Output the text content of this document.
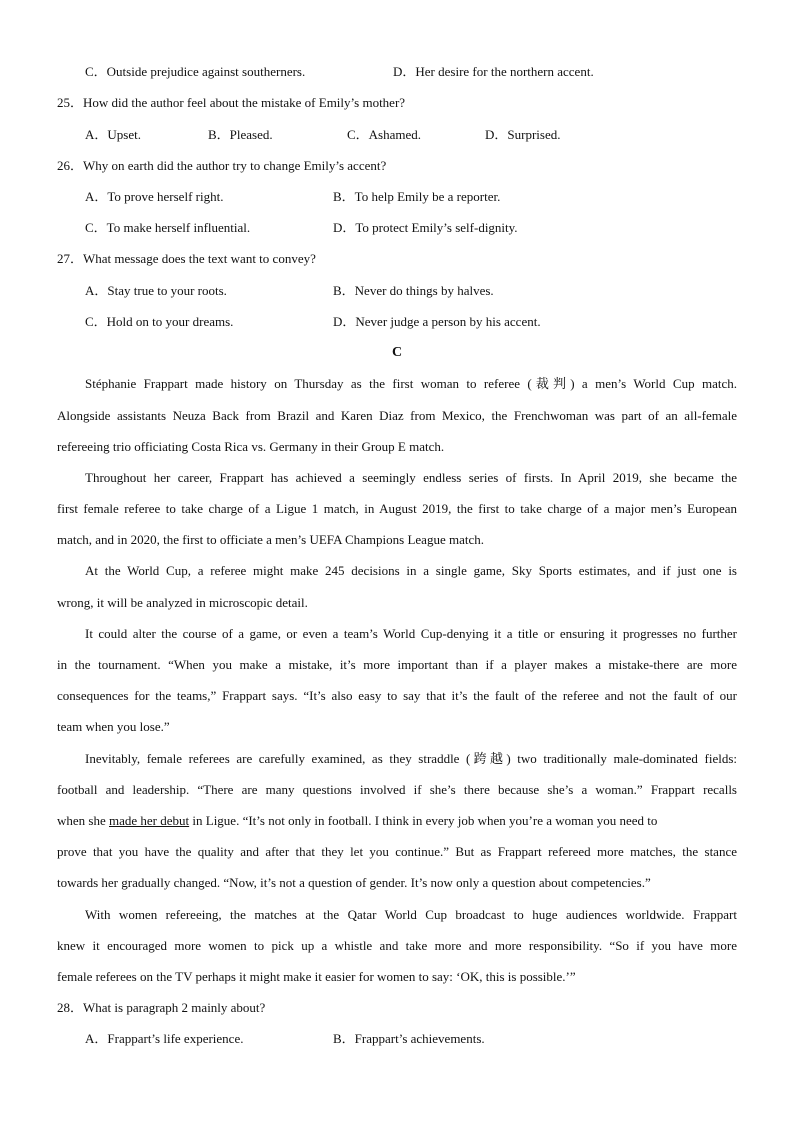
C．Outside prejudice against southerners.	D．Her desire for the northern accent.
25．How did the author feel about the mistake of Emily’s mother?
A．Upset.	B．Pleased.	C．Ashamed.	D．Surprised.
26．Why on earth did the author try to change Emily’s accent?
A．To prove herself right.	B．To help Emily be a reporter.
C．To make herself influential.	D．To protect Emily’s self-dignity.
27．What message does the text want to convey?
A．Stay true to your roots.	B．Never do things by halves.
C．Hold on to your dreams.	D．Never judge a person by his accent.
C
Stéphanie Frappart made history on Thursday as the first woman to referee (裁判) a men’s World Cup match.
Alongside assistants Neuza Back from Brazil and Karen Diaz from Mexico, the Frenchwoman was part of an all-female
refereeing trio officiating Costa Rica vs. Germany in their Group E match.
Throughout her career, Frappart has achieved a seemingly endless series of firsts. In April 2019, she became the
first female referee to take charge of a Ligue 1 match, in August 2019, the first to take charge of a major men’s European
match, and in 2020, the first to officiate a men’s UEFA Champions League match.
At the World Cup, a referee might make 245 decisions in a single game, Sky Sports estimates, and if just one is
wrong, it will be analyzed in microscopic detail.
It could alter the course of a game, or even a team’s World Cup-denying it a title or ensuring it progresses no further
in the tournament. “When you make a mistake, it’s more important than if a player makes a mistake-there are more
consequences for the teams,” Frappart says. “It’s also easy to say that it’s the fault of the referee and not the fault of our
team when you lose.”
Inevitably, female referees are carefully examined, as they straddle (跨越) two traditionally male-dominated fields:
football and leadership. “There are many questions involved if she’s there because she’s a woman.” Frappart recalls
when she made her debut in Ligue. “It’s not only in football. I think in every job when you’re a woman you need to
prove that you have the quality and after that they let you continue.” But as Frappart refereed more matches, the stance
towards her gradually changed. “Now, it’s not a question of gender. It’s now only a question about competencies.”
With women refereeing, the matches at the Qatar World Cup broadcast to huge audiences worldwide. Frappart
knew it encouraged more women to pick up a whistle and take more and more responsibility. “So if you have more
female referees on the TV perhaps it might make it easier for women to say: ‘OK, this is possible.’”
28．What is paragraph 2 mainly about?
A．Frappart’s life experience.	B．Frappart’s achievements.
